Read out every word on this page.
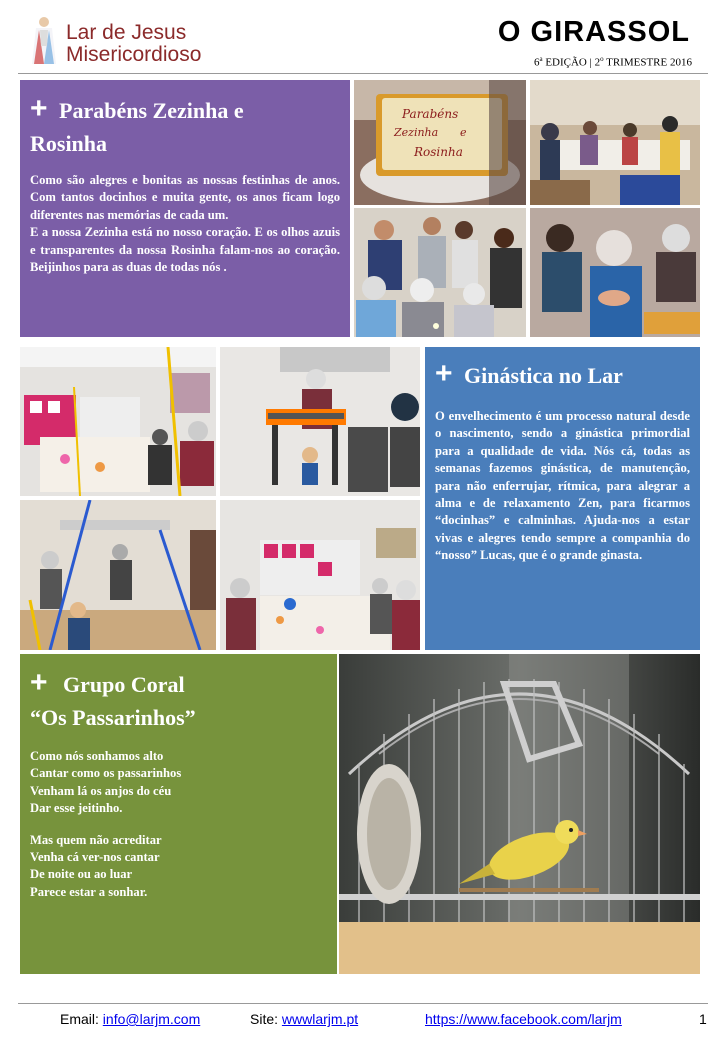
Lar de Jesus
Misericordioso
O GIRASSOL
6$^a$ EDIÇÃO | 2$^o$ TRIMESTRE 2016
+ Parabéns Zezinha e
Rosinha

Como são alegres e bonitas as nossas festinhas de anos. Com tantos docinhos e muita gente, os anos ficam logo diferentes nas memórias de cada um.

E a nossa Zezinha está no nosso coração. E os olhos azuis e transparentes da nossa Rosinha falam-nos ao coração. Beijinhos para as duas de todas nós .

Parabéns
Zezinha e
Rosinha
+ Ginástica no Lar

O envelhecimento é um processo natural desde o nascimento, sendo a ginástica primordial para a qualidade de vida. Nós cá, todas as semanas fazemos ginástica, de manutenção, para não enferrujar, rítmica, para alegrar a alma e de relaxamento Zen, para ficarmos “docinhas” e calminhas. Ajuda-nos a estar vivas e alegres tendo sempre a companhia do “nosso” Lucas, que é o grande ginasta.

+ Grupo Coral
“Os Passarinhos”
Como nós sonhamos alto
Cantar como os passarinhos
Venham lá os anjos do céu
Dar esse jeitinho.
Mas quem não acreditar
Venha cá ver-nos cantar
De noite ou ao luar
Parece estar a sonhar.
Email: info@larjm.com	Site: wwwlarjm.pt	https://www.facebook.com/larjm	1
